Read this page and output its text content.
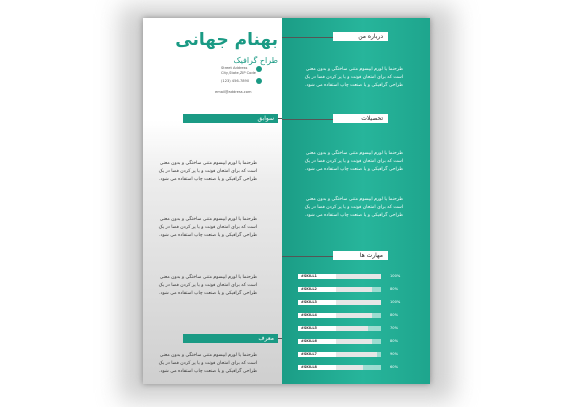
بهنام جهانی
طراح گرافیک
Street Address
City,State,ZIP Code
(123) 456-7890
email@address.com
درباره من
طرحنما یا لورم ایپسوم متنی ساختگی و بدون معنی است که برای امتحان فونت و یا پر کردن فضا در یک طراحی گرافیکی و یا صنعت چاپ استفاده می شود.
سوابق	تحصیلات
طرحنما یا لورم ایپسوم متنی ساختگی و بدون معنی است که برای امتحان فونت و یا پر کردن فضا در یک طراحی گرافیکی و یا صنعت چاپ استفاده می شود.
طرحنما یا لورم ایپسوم متنی ساختگی و بدون معنی است که برای امتحان فونت و یا پر کردن فضا در یک طراحی گرافیکی و یا صنعت چاپ استفاده می شود.
طرحنما یا لورم ایپسوم متنی ساختگی و بدون معنی است که برای امتحان فونت و یا پر کردن فضا در یک طراحی گرافیکی و یا صنعت چاپ استفاده می شود.
طرحنما یا لورم ایپسوم متنی ساختگی و بدون معنی است که برای امتحان فونت و یا پر کردن فضا در یک طراحی گرافیکی و یا صنعت چاپ استفاده می شود.
طرحنما یا لورم ایپسوم متنی ساختگی و بدون معنی است که برای امتحان فونت و یا پر کردن فضا در یک طراحی گرافیکی و یا صنعت چاپ استفاده می شود.
مهارت ها
معرف
طرحنما یا لورم ایپسوم متنی ساختگی و بدون معنی است که برای امتحان فونت و یا پر کردن فضا در یک طراحی گرافیکی و یا صنعت چاپ استفاده می شود.
#SKILL1	100%
#SKILL2	80%
#SKILL3	100%
#SKILL4	80%
#SKILL5	70%
#SKILL6	80%
#SKILL7	90%
#SKILL8	60%
